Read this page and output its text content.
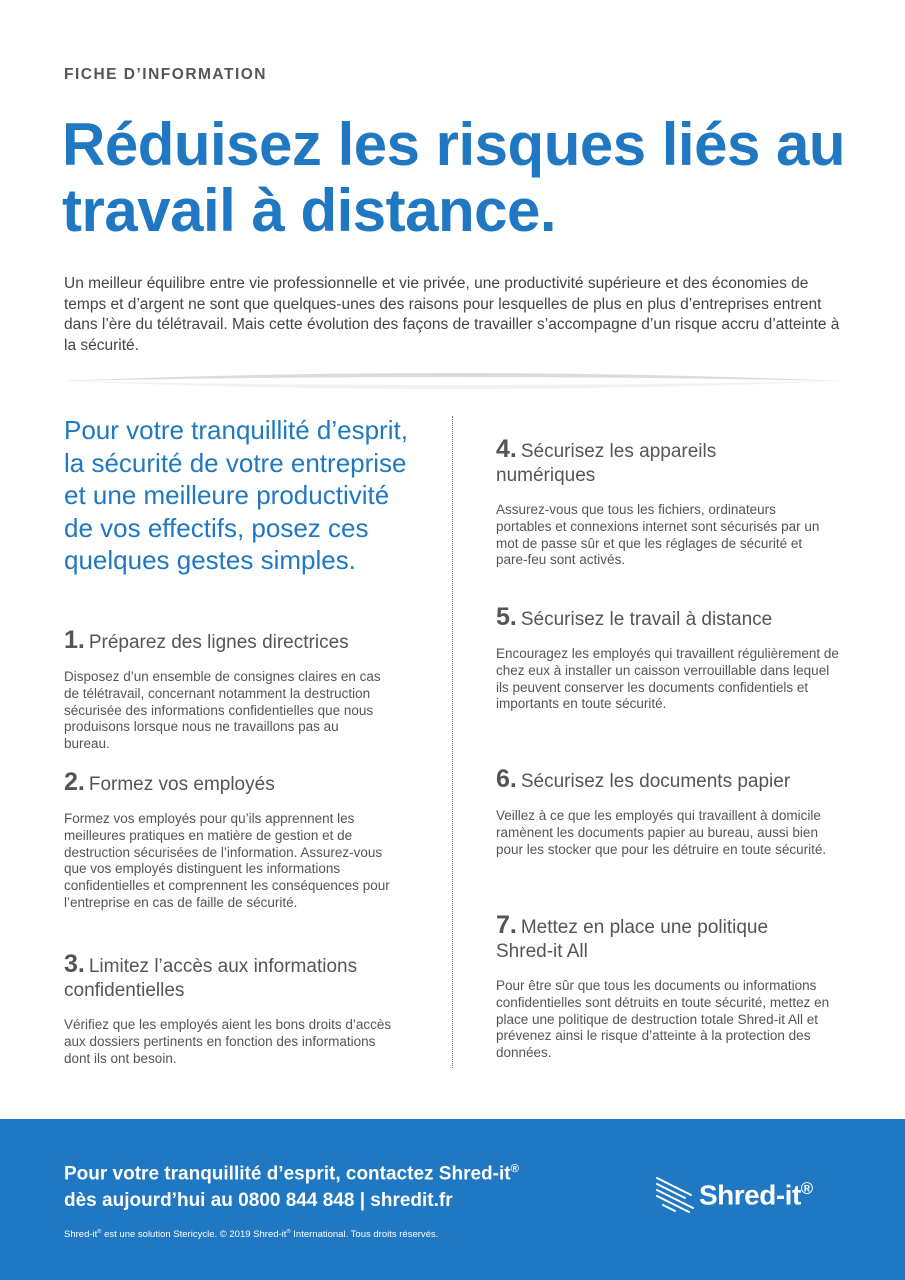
FICHE D’INFORMATION
Réduisez les risques liés au travail à distance.

Un meilleur équilibre entre vie professionnelle et vie privée, une productivité supérieure et des économies de temps et d’argent ne sont que quelques-unes des raisons pour lesquelles de plus en plus d’entreprises entrent dans l’ère du télétravail. Mais cette évolution des façons de travailler s’accompagne d’un risque accru d’atteinte à la sécurité.

Pour votre tranquillité d’esprit, la sécurité de votre entreprise et une meilleure productivité de vos effectifs, posez ces quelques gestes simples.

1. Préparez des lignes directrices

Disposez d’un ensemble de consignes claires en cas de télétravail, concernant notamment la destruction sécurisée des informations confidentielles que nous produisons lorsque nous ne travaillons pas au bureau.

2. Formez vos employés

Formez vos employés pour qu’ils apprennent les meilleures pratiques en matière de gestion et de destruction sécurisées de l’information. Assurez-vous que vos employés distinguent les informations confidentielles et comprennent les conséquences pour l’entreprise en cas de faille de sécurité.

3. Limitez l’accès aux informations confidentielles

Vérifiez que les employés aient les bons droits d’accès aux dossiers pertinents en fonction des informations dont ils ont besoin.

4. Sécurisez les appareils numériques

Assurez-vous que tous les fichiers, ordinateurs portables et connexions internet sont sécurisés par un mot de passe sûr et que les réglages de sécurité et pare-feu sont activés.

5. Sécurisez le travail à distance

Encouragez les employés qui travaillent régulièrement de chez eux à installer un caisson verrouillable dans lequel ils peuvent conserver les documents confidentiels et importants en toute sécurité.

6. Sécurisez les documents papier

Veillez à ce que les employés qui travaillent à domicile ramènent les documents papier au bureau, aussi bien pour les stocker que pour les détruire en toute sécurité.

7. Mettez en place une politique Shred-it All

Pour être sûr que tous les documents ou informations confidentielles sont détruits en toute sécurité, mettez en place une politique de destruction totale Shred-it All et prévenez ainsi le risque d’atteinte à la protection des données.

Pour votre tranquillité d’esprit, contactez Shred-it®
dès aujourd’hui au 0800 844 848 | shredit.fr

Shred-it® est une solution Stericycle. © 2019 Shred-it® International. Tous droits réservés.
Shred-it®
